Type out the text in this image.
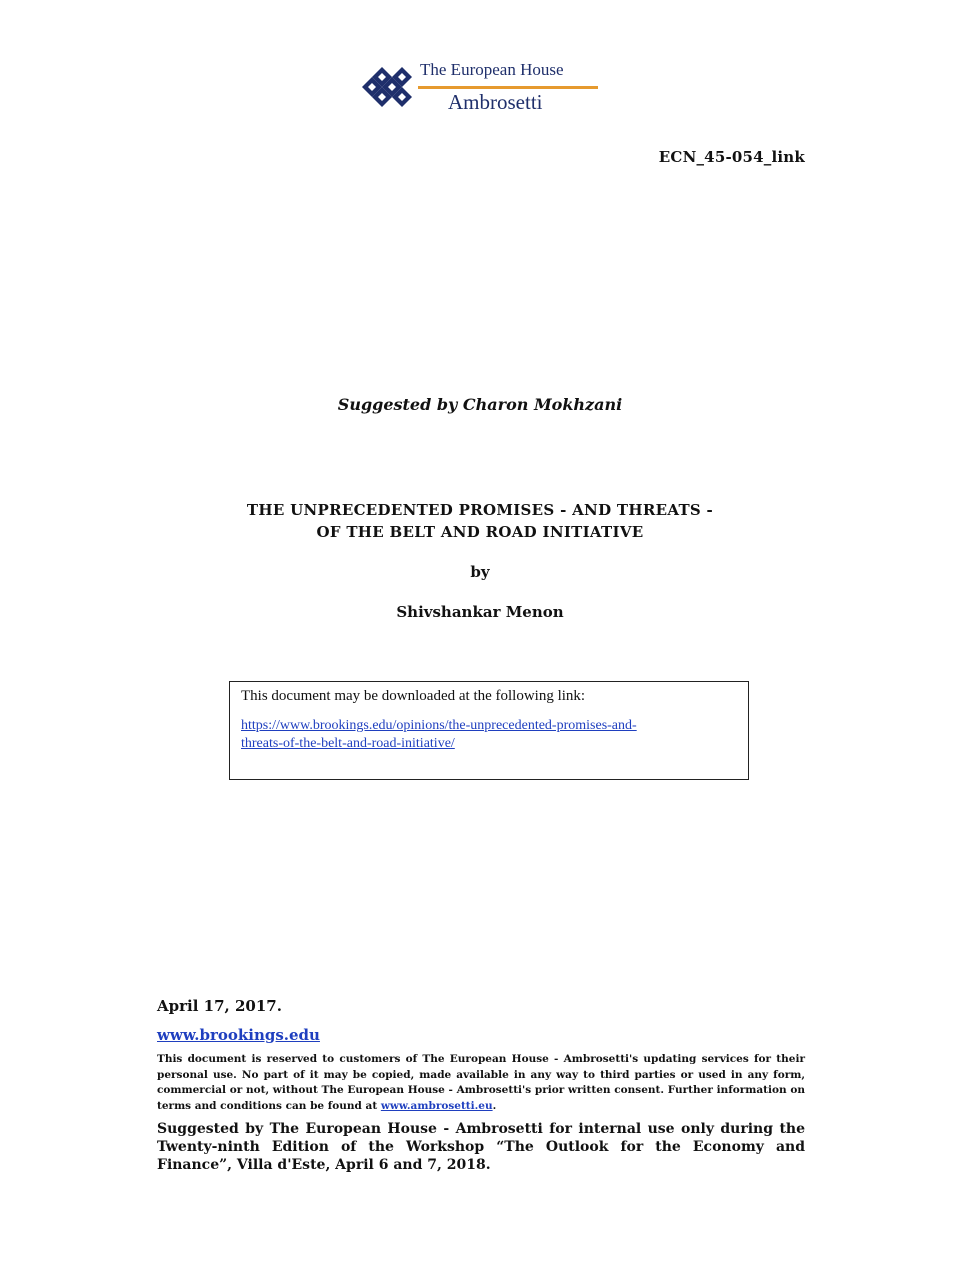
The European House
Ambrosetti
ECN_45-054_link
Suggested by Charon Mokhzani
THE UNPRECEDENTED PROMISES - AND THREATS -
OF THE BELT AND ROAD INITIATIVE
by
Shivshankar Menon

This document may be downloaded at the following link:

https://www.brookings.edu/opinions/the-unprecedented-promises-and-
threats-of-the-belt-and-road-initiative/

April 17, 2017.

www.brookings.edu

This document is reserved to customers of The European House - Ambrosetti's updating services for their personal use. No part of it may be copied, made available in any way to third parties or used in any form, commercial or not, without The European House - Ambrosetti's prior written consent. Further information on terms and conditions can be found at www.ambrosetti.eu.

Suggested by The European House - Ambrosetti for internal use only during the Twenty-ninth Edition of the Workshop “The Outlook for the Economy and Finance”, Villa d'Este, April 6 and 7, 2018.
